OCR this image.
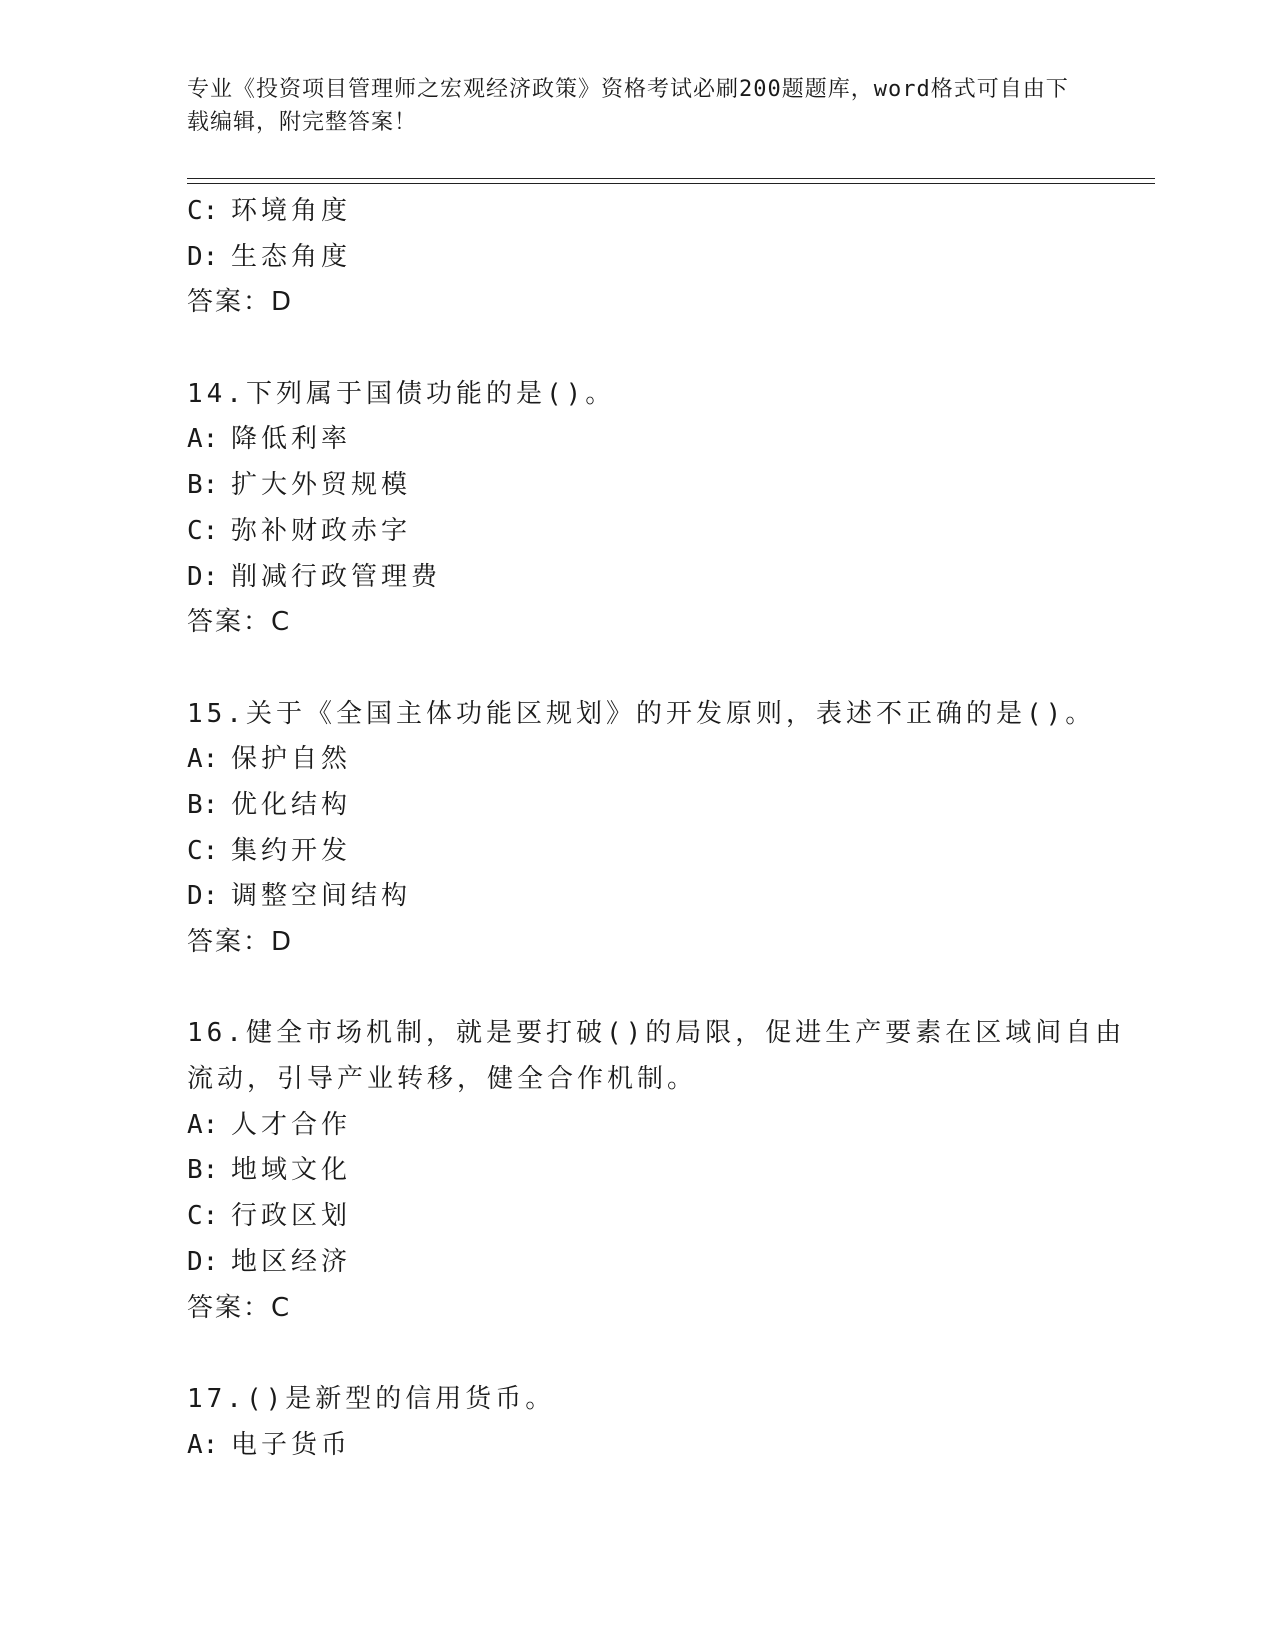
专业《投资项目管理师之宏观经济政策》资格考试必刷200题题库，word格式可自由下载编辑，附完整答案！
C: 环境角度
D: 生态角度
答案：D
14.下列属于国债功能的是()。
A: 降低利率
B: 扩大外贸规模
C: 弥补财政赤字
D: 削减行政管理费
答案：C
15.关于《全国主体功能区规划》的开发原则，表述不正确的是()。
A: 保护自然
B: 优化结构
C: 集约开发
D: 调整空间结构
答案：D
16.健全市场机制，就是要打破()的局限，促进生产要素在区域间自由
流动，引导产业转移，健全合作机制。
A: 人才合作
B: 地域文化
C: 行政区划
D: 地区经济
答案：C
17.()是新型的信用货币。
A: 电子货币
